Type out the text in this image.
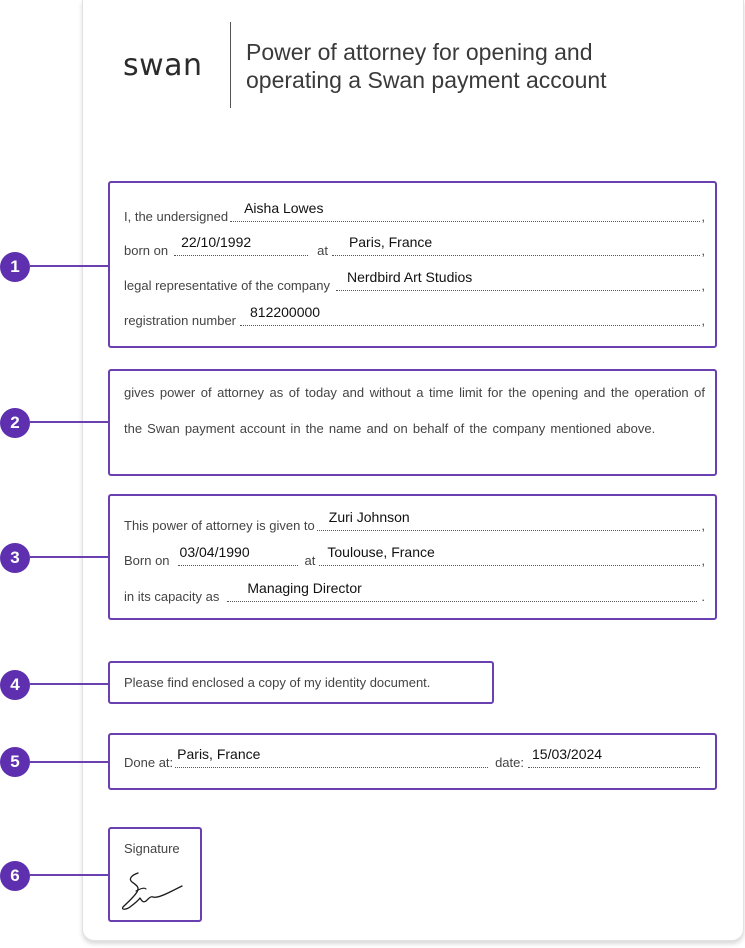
swan Power of attorney for opening and
operating a Swan payment account
1
2
3
4
5
6
I, the undersigned
Aisha Lowes
,
born on
22/10/1992
at
Paris, France
,
legal representative of the company
Nerdbird Art Studios
,
registration number
812200000
,
gives power of attorney as of today and without a time limit for the opening and the operation of the Swan payment account in the name and on behalf of the company mentioned above.
This power of attorney is given to
Zuri Johnson
,
Born on
03/04/1990
at
Toulouse, France
,
in its capacity as
Managing Director
.
Please find enclosed a copy of my identity document.
Done at:
Paris, France
date:
15/03/2024
Signature
